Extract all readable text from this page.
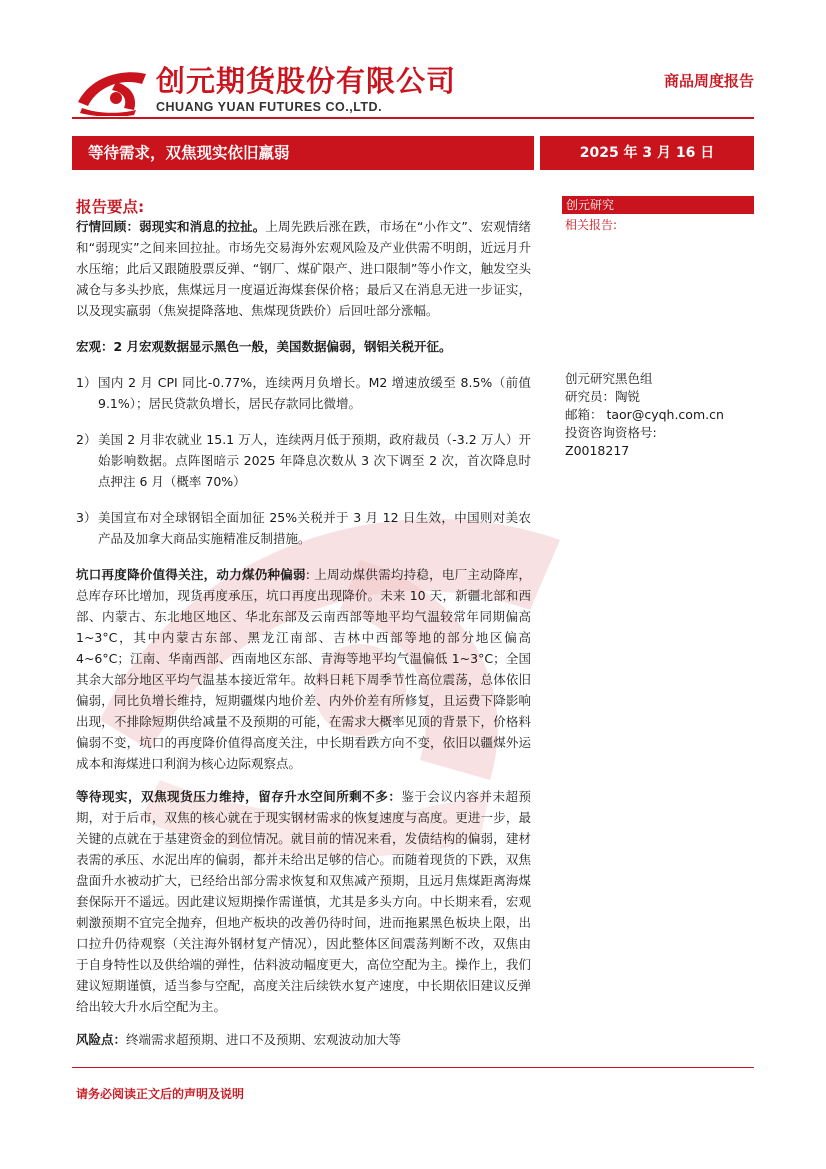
创元期货股份有限公司
CHUANG YUAN FUTURES CO.,LTD.
商品周度报告
等待需求，双焦现实依旧羸弱	2025 年 3 月 16 日
报告要点:

行情回顾：弱现实和消息的拉扯。上周先跌后涨在跌，市场在“小作文”、宏观情绪和“弱现实”之间来回拉扯。市场先交易海外宏观风险及产业供需不明朗，近远月升水压缩；此后又跟随股票反弹、“钢厂、煤矿限产、进口限制”等小作文，触发空头减仓与多头抄底，焦煤远月一度逼近海煤套保价格；最后又在消息无进一步证实，以及现实羸弱（焦炭提降落地、焦煤现货跌价）后回吐部分涨幅。

宏观：2 月宏观数据显示黑色一般，美国数据偏弱，钢铝关税开征。

1） 国内 2 月 CPI 同比-0.77%，连续两月负增长。M2 增速放缓至 8.5%（前值 9.1%）；居民贷款负增长，居民存款同比微增。
2） 美国 2 月非农就业 15.1 万人，连续两月低于预期，政府裁员（-3.2 万人）开始影响数据。点阵图暗示 2025 年降息次数从 3 次下调至 2 次，首次降息时点押注 6 月（概率 70%）
3） 美国宣布对全球钢铝全面加征 25%关税并于 3 月 12 日生效，中国则对美农产品及加拿大商品实施精准反制措施。

坑口再度降价值得关注，动力煤仍种偏弱: 上周动煤供需均持稳，电厂主动降库，总库存环比增加，现货再度承压，坑口再度出现降价。未来 10 天，新疆北部和西部、内蒙古、东北地区地区、华北东部及云南西部等地平均气温较常年同期偏高 1~3°C，其中内蒙古东部、黑龙江南部、吉林中西部等地的部分地区偏高 4~6°C；江南、华南西部、西南地区东部、青海等地平均气温偏低 1~3°C；全国其余大部分地区平均气温基本接近常年。故料日耗下周季节性高位震荡，总体依旧偏弱，同比负增长维持，短期疆煤内地价差、内外价差有所修复，且运费下降影响出现，不排除短期供给减量不及预期的可能，在需求大概率见顶的背景下，价格料偏弱不变，坑口的再度降价值得高度关注，中长期看跌方向不变，依旧以疆煤外运成本和海煤进口利润为核心边际观察点。

等待现实，双焦现货压力维持，留存升水空间所剩不多：鉴于会议内容并未超预期，对于后市，双焦的核心就在于现实钢材需求的恢复速度与高度。更进一步，最关键的点就在于基建资金的到位情况。就目前的情况来看，发债结构的偏弱，建材表需的承压、水泥出库的偏弱，都并未给出足够的信心。而随着现货的下跌，双焦盘面升水被动扩大，已经给出部分需求恢复和双焦减产预期，且远月焦煤距离海煤套保际开不遥远。因此建议短期操作需谨慎，尤其是多头方向。中长期来看，宏观刺激预期不宜完全抛弃，但地产板块的改善仍待时间，进而拖累黑色板块上限，出口拉升仍待观察（关注海外钢材复产情况），因此整体区间震荡判断不改，双焦由于自身特性以及供给端的弹性，估料波动幅度更大，高位空配为主。操作上，我们建议短期谨慎，适当参与空配，高度关注后续铁水复产速度，中长期依旧建议反弹给出较大升水后空配为主。

风险点：终端需求超预期、进口不及预期、宏观波动加大等

创元研究
相关报告:
创元研究黑色组
研究员：陶锐
邮箱： taor@cyqh.com.cn
投资咨询资格号:
Z0018217
请务必阅读正文后的声明及说明
